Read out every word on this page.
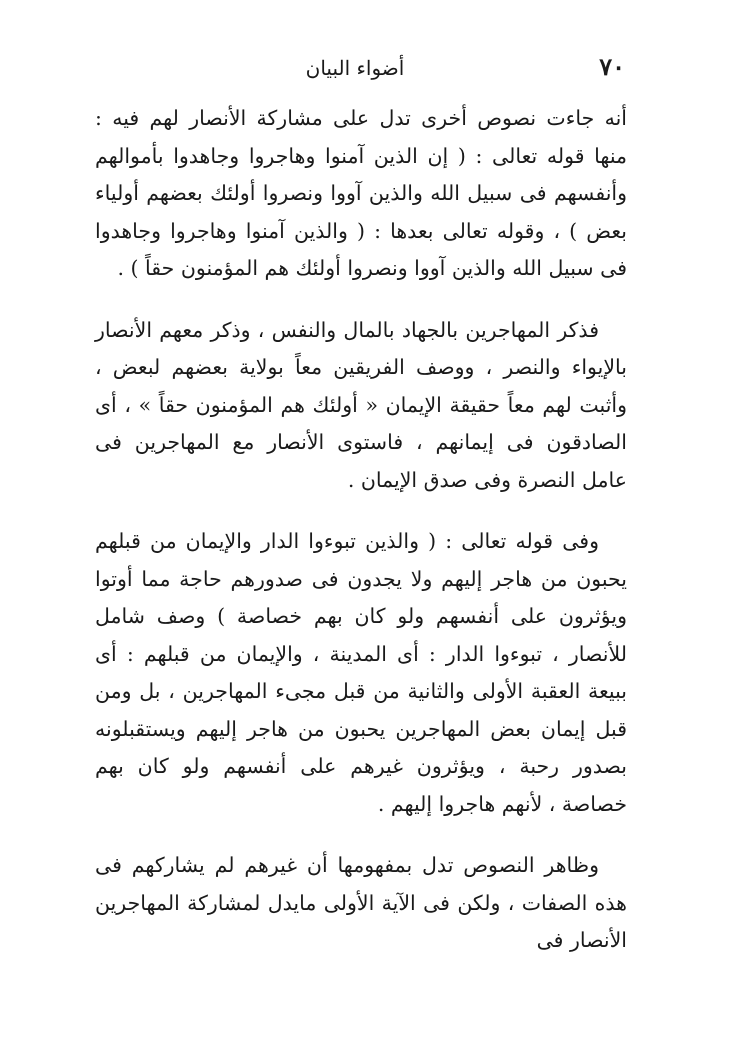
٧٠
أضواء البيان

أنه جاءت نصوص أخرى تدل على مشاركة الأنصار لهم فيه : منها قوله تعالى : ( إن الذين آمنوا وهاجروا وجاهدوا بأموالهم وأنفسهم فى سبيل الله والذين آووا ونصروا أولئك بعضهم أولياء بعض ) ، وقوله تعالى بعدها : ( والذين آمنوا وهاجروا وجاهدوا فى سبيل الله والذين آووا ونصروا أولئك هم المؤمنون حقاً ) .

فذكر المهاجرين بالجهاد بالمال والنفس ، وذكر معهم الأنصار بالإيواء والنصر ، ووصف الفريقين معاً بولاية بعضهم لبعض ، وأثبت لهم معاً حقيقة الإيمان « أولئك هم المؤمنون حقاً » ، أى الصادقون فى إيمانهم ، فاستوى الأنصار مع المهاجرين فى عامل النصرة وفى صدق الإيمان .

وفى قوله تعالى : ( والذين تبوءوا الدار والإيمان من قبلهم يحبون من هاجر إليهم ولا يجدون فى صدورهم حاجة مما أوتوا ويؤثرون على أنفسهم ولو كان بهم خصاصة ) وصف شامل للأنصار ، تبوءوا الدار : أى المدينة ، والإيمان من قبلهم : أى ببيعة العقبة الأولى والثانية من قبل مجىء المهاجرين ، بل ومن قبل إيمان بعض المهاجرين يحبون من هاجر إليهم ويستقبلونه بصدور رحبة ، ويؤثرون غيرهم على أنفسهم ولو كان بهم خصاصة ، لأنهم هاجروا إليهم .

وظاهر النصوص تدل بمفهومها أن غيرهم لم يشاركهم فى هذه الصفات ، ولكن فى الآية الأولى مايدل لمشاركة المهاجرين الأنصار فى
